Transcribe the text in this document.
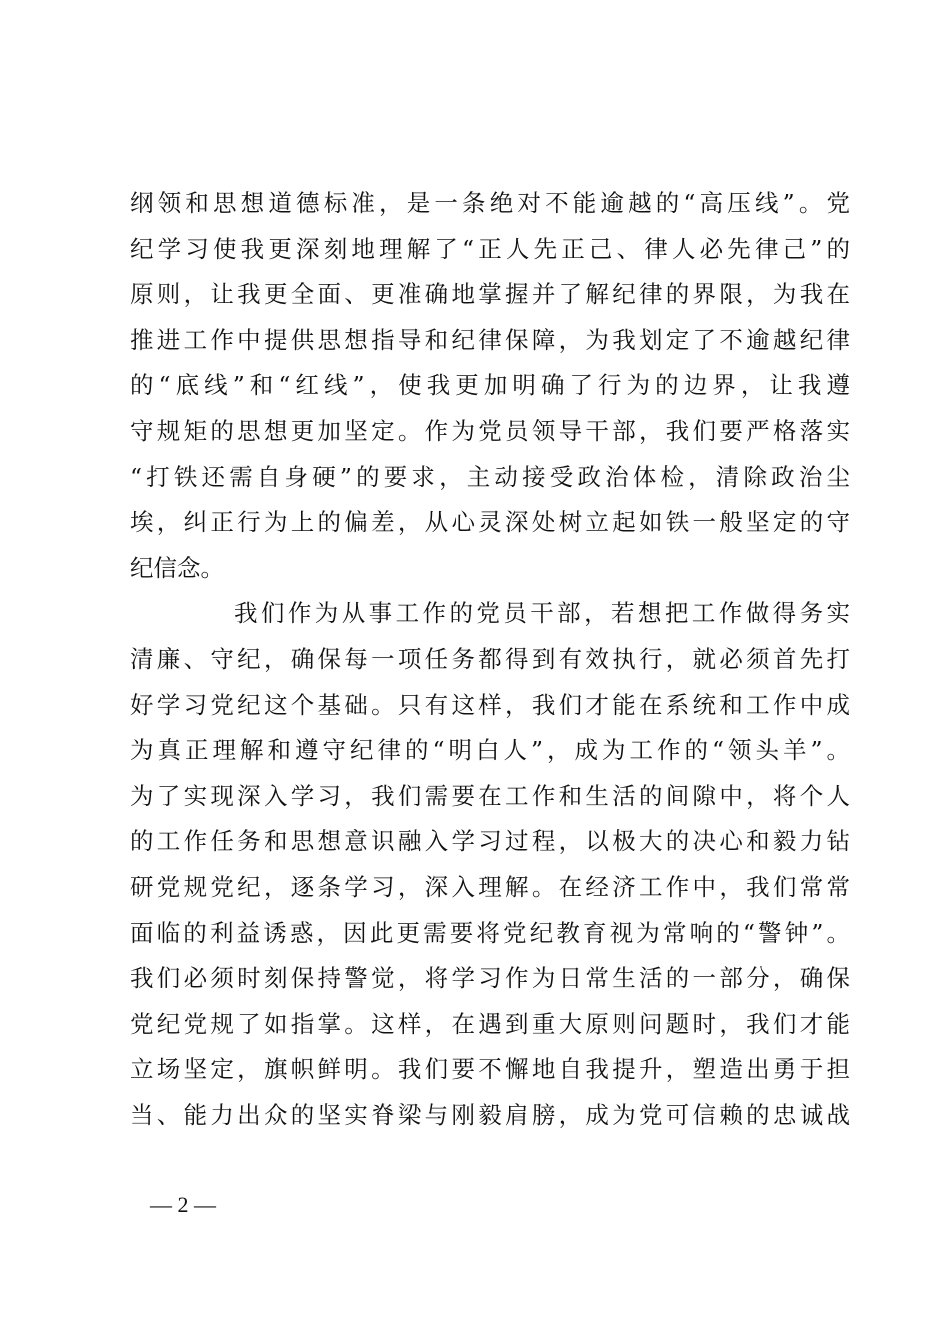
纲领和思想道德标准，是一条绝对不能逾越的“高压线”。党
纪学习使我更深刻地理解了“正人先正己、律人必先律己”的
原则，让我更全面、更准确地掌握并了解纪律的界限，为我在
推进工作中提供思想指导和纪律保障，为我划定了不逾越纪律
的“底线”和“红线”，使我更加明确了行为的边界，让我遵
守规矩的思想更加坚定。作为党员领导干部，我们要严格落实
“打铁还需自身硬”的要求，主动接受政治体检，清除政治尘
埃，纠正行为上的偏差，从心灵深处树立起如铁一般坚定的守
纪信念。
我们作为从事工作的党员干部，若想把工作做得务实
清廉、守纪，确保每一项任务都得到有效执行，就必须首先打
好学习党纪这个基础。只有这样，我们才能在系统和工作中成
为真正理解和遵守纪律的“明白人”，成为工作的“领头羊”。
为了实现深入学习，我们需要在工作和生活的间隙中，将个人
的工作任务和思想意识融入学习过程，以极大的决心和毅力钻
研党规党纪，逐条学习，深入理解。在经济工作中，我们常常
面临的利益诱惑，因此更需要将党纪教育视为常响的“警钟”。
我们必须时刻保持警觉，将学习作为日常生活的一部分，确保
党纪党规了如指掌。这样，在遇到重大原则问题时，我们才能
立场坚定，旗帜鲜明。我们要不懈地自我提升，塑造出勇于担
当、能力出众的坚实脊梁与刚毅肩膀，成为党可信赖的忠诚战
— 2 —
